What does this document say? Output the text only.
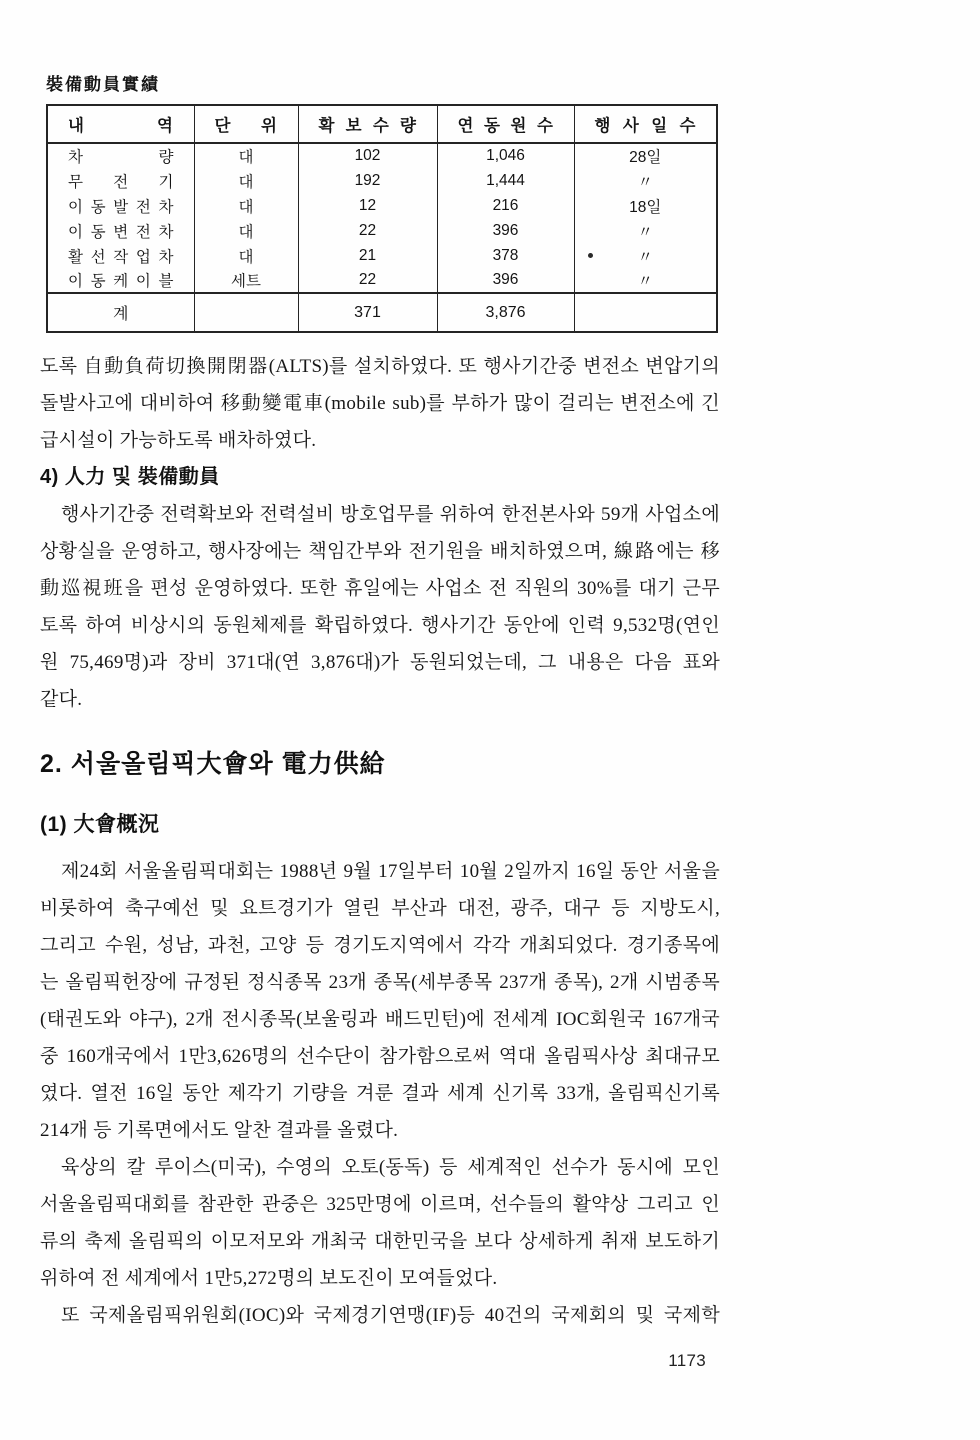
裝備動員實績
내 역	단 위	확 보 수 량	연 동 원 수	행 사 일 수
차 량	대	102	1,046	28일
무 전 기	대	192	1,444	〃
이 동 발 전 차	대	12	216	18일
이 동 변 전 차	대	22	396	〃
활 선 작 업 차	대	21	378	〃
이 동 케 이 블	세트	22	396	〃
계		371	3,876	
도록 自動負荷切換開閉器(ALTS)를 설치하였다. 또 행사기간중 변전소 변압기의
돌발사고에 대비하여 移動變電車(mobile sub)를 부하가 많이 걸리는 변전소에 긴
급시설이 가능하도록 배차하였다.
4) 人力 및 裝備動員
행사기간중 전력확보와 전력설비 방호업무를 위하여 한전본사와 59개 사업소에
상황실을 운영하고, 행사장에는 책임간부와 전기원을 배치하였으며, 線路에는 移
動巡視班을 편성 운영하였다. 또한 휴일에는 사업소 전 직원의 30%를 대기 근무
토록 하여 비상시의 동원체제를 확립하였다. 행사기간 동안에 인력 9,532명(연인
원 75,469명)과 장비 371대(연 3,876대)가 동원되었는데, 그 내용은 다음 표와
같다.
2. 서울올림픽大會와 電力供給
(1) 大會概況
제24회 서울올림픽대회는 1988년 9월 17일부터 10월 2일까지 16일 동안 서울을
비롯하여 축구예선 및 요트경기가 열린 부산과 대전, 광주, 대구 등 지방도시,
그리고 수원, 성남, 과천, 고양 등 경기도지역에서 각각 개최되었다. 경기종목에
는 올림픽헌장에 규정된 정식종목 23개 종목(세부종목 237개 종목), 2개 시범종목
(태권도와 야구), 2개 전시종목(보울링과 배드민턴)에 전세계 IOC회원국 167개국
중 160개국에서 1만3,626명의 선수단이 참가함으로써 역대 올림픽사상 최대규모
였다. 열전 16일 동안 제각기 기량을 겨룬 결과 세계 신기록 33개, 올림픽신기록
214개 등 기록면에서도 알찬 결과를 올렸다.
육상의 칼 루이스(미국), 수영의 오토(동독) 등 세계적인 선수가 동시에 모인
서울올림픽대회를 참관한 관중은 325만명에 이르며, 선수들의 활약상 그리고 인
류의 축제 올림픽의 이모저모와 개최국 대한민국을 보다 상세하게 취재 보도하기
위하여 전 세계에서 1만5,272명의 보도진이 모여들었다.
또 국제올림픽위원회(IOC)와 국제경기연맹(IF)등 40건의 국제회의 및 국제학
1173
